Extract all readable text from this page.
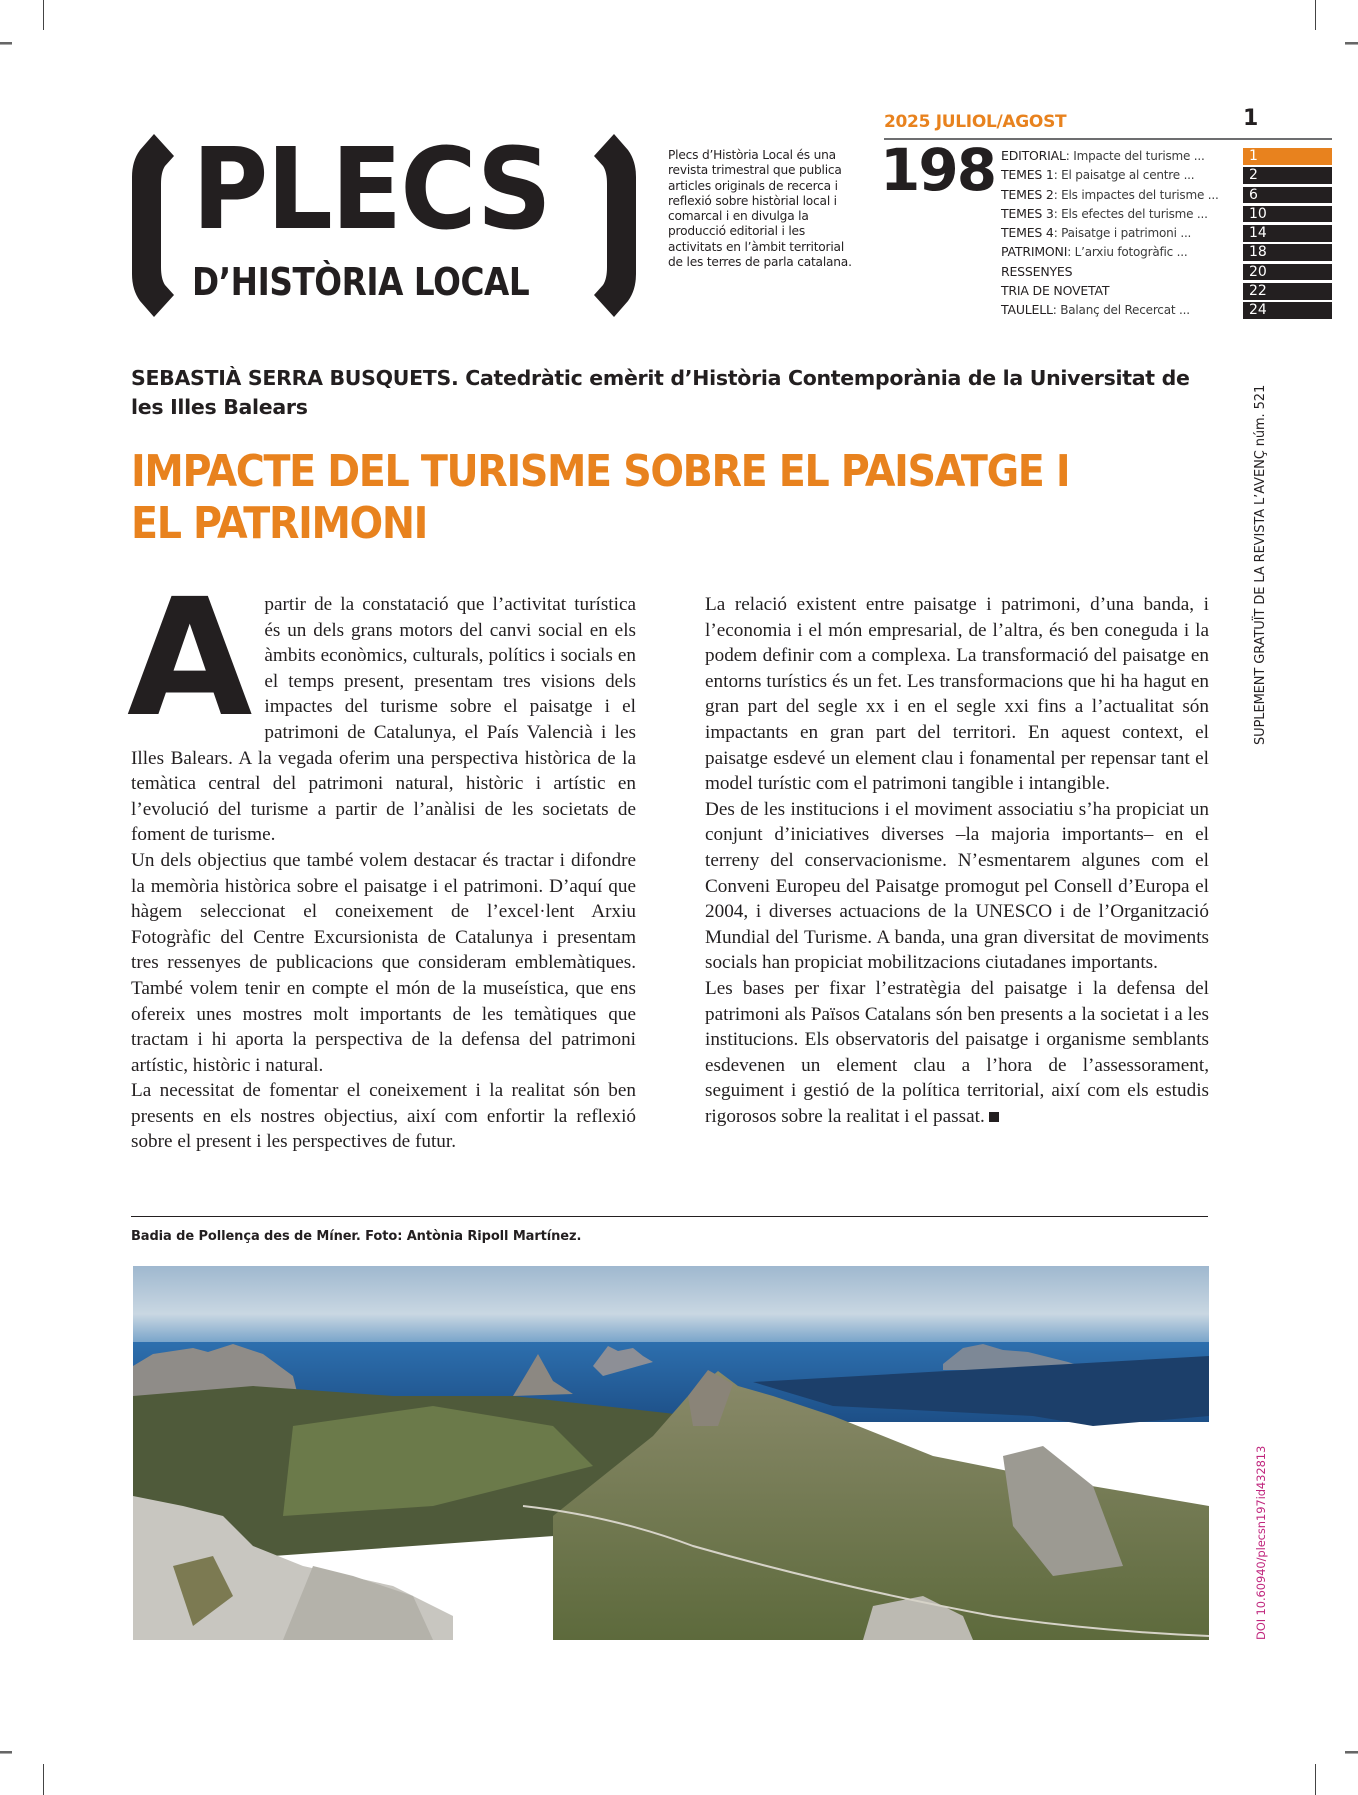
PLECS
D’HISTÒRIA LOCAL
Plecs d’Història Local és una revista trimestral que publica articles originals de recerca i reflexió sobre històrial local i comarcal i en divulga la producció editorial i les activitats en l’àmbit territorial de les terres de parla catalana.
2025 JULIOL/AGOST	1
198 EDITORIAL: Impacte del turisme ...
TEMES 1: El paisatge al centre ...
TEMES 2: Els impactes del turisme ...
TEMES 3: Els efectes del turisme ...
TEMES 4: Paisatge i patrimoni ...
PATRIMONI: L’arxiu fotogràfic ...
RESSENYES
TRIA DE NOVETAT
TAULELL: Balanç del Recercat ...
1
2
6
10
14
18
20
22
24
SEBASTIÀ SERRA BUSQUETS. Catedràtic emèrit d’Història Contemporània de la Universitat de les Illes Balears
IMPACTE DEL TURISME SOBRE EL PAISATGE I EL PATRIMONI
A partir de la constatació que l’activitat turística és un dels grans motors del canvi social en els àmbits econòmics, culturals, polítics i socials en el temps present, presentam tres visions dels impactes del turisme sobre el paisatge i el patrimoni de Catalunya, el País Valencià i les Illes Balears. A la vegada oferim una perspectiva històrica de la temàtica central del patrimoni natural, històric i artístic en l’evolució del turisme a partir de l’anàlisi de les societats de foment de turisme.

Un dels objectius que també volem destacar és tractar i difondre la memòria històrica sobre el paisatge i el patrimoni. D’aquí que hàgem seleccionat el coneixement de l’excel·lent Arxiu Fotogràfic del Centre Excursionista de Catalunya i presentam tres ressenyes de publicacions que consideram emblemàtiques. També volem tenir en compte el món de la museística, que ens ofereix unes mostres molt importants de les temàtiques que tractam i hi aporta la perspectiva de la defensa del patrimoni artístic, històric i natural.

La necessitat de fomentar el coneixement i la realitat són ben presents en els nostres objectius, així com enfortir la reflexió sobre el present i les perspectives de futur.

La relació existent entre paisatge i patrimoni, d’una banda, i l’economia i el món empresarial, de l’altra, és ben coneguda i la podem definir com a complexa. La transformació del paisatge en entorns turístics és un fet. Les transformacions que hi ha hagut en gran part del segle xx i en el segle xxi fins a l’actualitat són impactants en gran part del territori. En aquest context, el paisatge esdevé un element clau i fonamental per repensar tant el model turístic com el patrimoni tangible i intangible.

Des de les institucions i el moviment associatiu s’ha propiciat un conjunt d’iniciatives diverses –la majoria importants– en el terreny del conservacionisme. N’esmentarem algunes com el Conveni Europeu del Paisatge promogut pel Consell d’Europa el 2004, i diverses actuacions de la UNESCO i de l’Organització Mundial del Turisme. A banda, una gran diversitat de moviments socials han propiciat mobilitzacions ciutadanes importants.

Les bases per fixar l’estratègia del paisatge i la defensa del patrimoni als Països Catalans són ben presents a la societat i a les institucions. Els observatoris del paisatge i organisme semblants esdevenen un element clau a l’hora de l’assessorament, seguiment i gestió de la política territorial, així com els estudis rigorosos sobre la realitat i el passat.

Badia de Pollença des de Míner. Foto: Antònia Ripoll Martínez.
SUPLEMENT GRATUÏT DE LA REVISTA L’AVENÇ núm. 521
DOI 10.60940/plecsn197id432813
